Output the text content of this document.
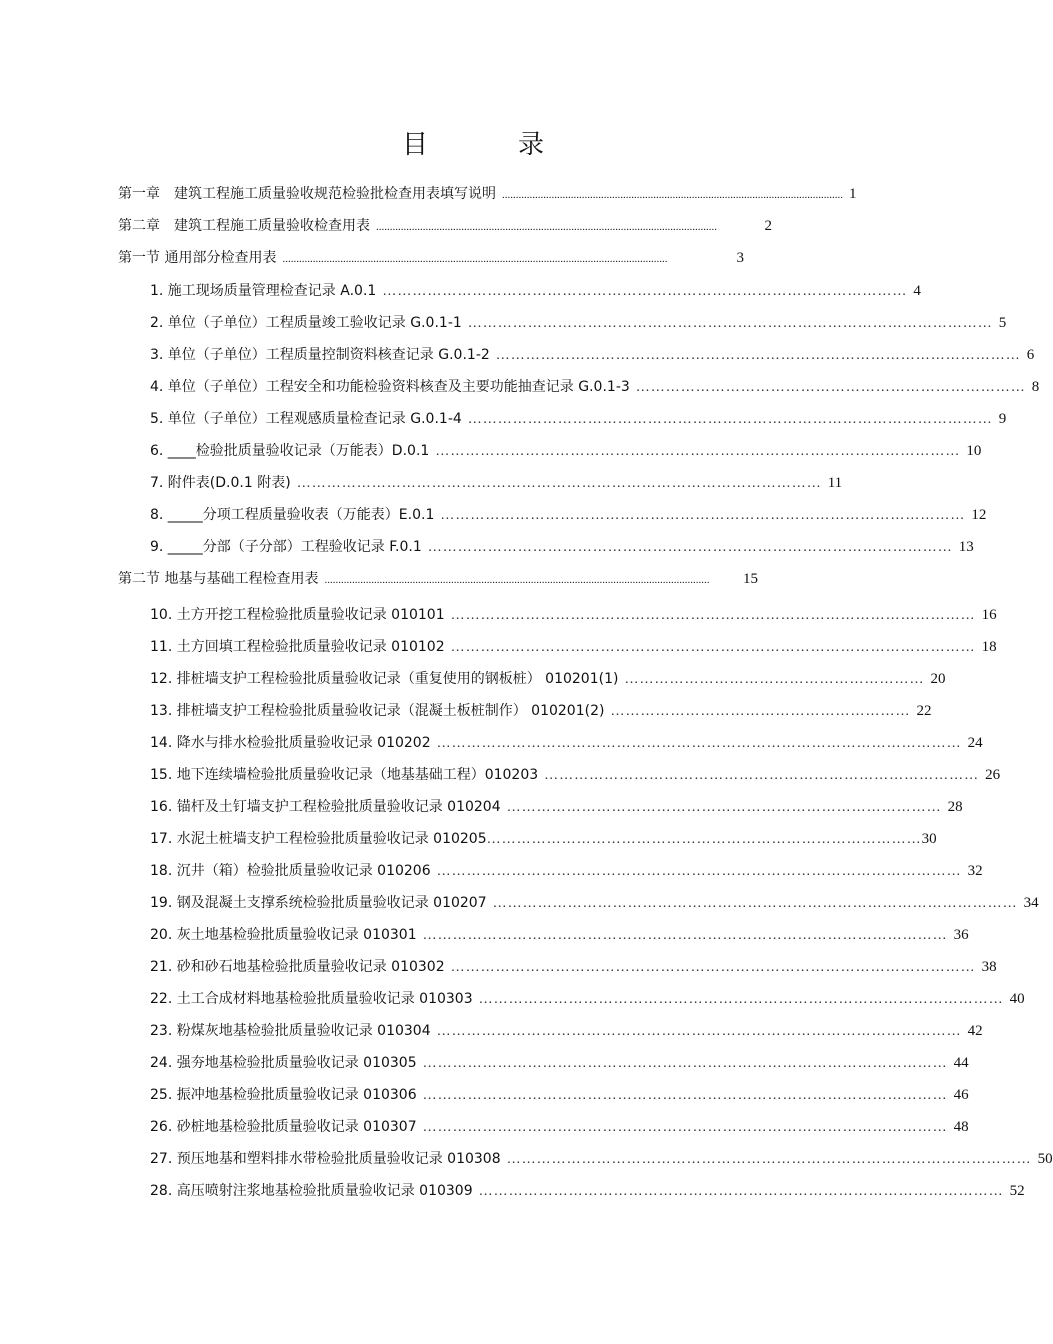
目	录
第一章　建筑工程施工质量验收规范检验批检查用表填写说明 ............................................................................................................................ 1
第二章　建筑工程施工质量验收检查用表 ............................................................................................................................	2
第一节 通用部分检查用表 ............................................................................................................................................	3
1. 施工现场质量管理检查记录 A.0.1 …………………………………………………………………………………………… 4
2. 单位（子单位）工程质量竣工验收记录 G.0.1-1 …………………………………………………………………………………………… 5
3. 单位（子单位）工程质量控制资料核查记录 G.0.1-2 …………………………………………………………………………………………… 6
4. 单位（子单位）工程安全和功能检验资料核查及主要功能抽查记录 G.0.1-3 …………………………………………………………………… 8
5. 单位（子单位）工程观感质量检查记录 G.0.1-4 …………………………………………………………………………………………… 9
6. ____检验批质量验收记录（万能表）D.0.1 …………………………………………………………………………………………… 10
7. 附件表(D.0.1 附表) …………………………………………………………………………………………… 11
8. _____分项工程质量验收表（万能表）E.0.1 …………………………………………………………………………………………… 12
9. _____分部（子分部）工程验收记录 F.0.1 …………………………………………………………………………………………… 13
第二节 地基与基础工程检查用表 ............................................................................................................................................	15
10. 土方开挖工程检验批质量验收记录 010101 …………………………………………………………………………………………… 16
11. 土方回填工程检验批质量验收记录 010102 …………………………………………………………………………………………… 18
12. 排桩墙支护工程检验批质量验收记录（重复使用的钢板桩） 010201(1) …………………………………………………… 20
13. 排桩墙支护工程检验批质量验收记录（混凝土板桩制作） 010201(2) …………………………………………………… 22
14. 降水与排水检验批质量验收记录 010202 …………………………………………………………………………………………… 24
15. 地下连续墙检验批质量验收记录（地基基础工程）010203 …………………………………………………………………………… 26
16. 锚杆及土钉墙支护工程检验批质量验收记录 010204 …………………………………………………………………………… 28
17. 水泥土桩墙支护工程检验批质量验收记录 010205 …………………………………………………………………………… 30
18. 沉井（箱）检验批质量验收记录 010206 …………………………………………………………………………………………… 32
19. 钢及混凝土支撑系统检验批质量验收记录 010207 …………………………………………………………………………………………… 34
20. 灰土地基检验批质量验收记录 010301 …………………………………………………………………………………………… 36
21. 砂和砂石地基检验批质量验收记录 010302 …………………………………………………………………………………………… 38
22. 土工合成材料地基检验批质量验收记录 010303 …………………………………………………………………………………………… 40
23. 粉煤灰地基检验批质量验收记录 010304 …………………………………………………………………………………………… 42
24. 强夯地基检验批质量验收记录 010305 …………………………………………………………………………………………… 44
25. 振冲地基检验批质量验收记录 010306 …………………………………………………………………………………………… 46
26. 砂桩地基检验批质量验收记录 010307 …………………………………………………………………………………………… 48
27. 预压地基和塑料排水带检验批质量验收记录 010308 …………………………………………………………………………………………… 50
28. 高压喷射注浆地基检验批质量验收记录 010309 …………………………………………………………………………………………… 52
